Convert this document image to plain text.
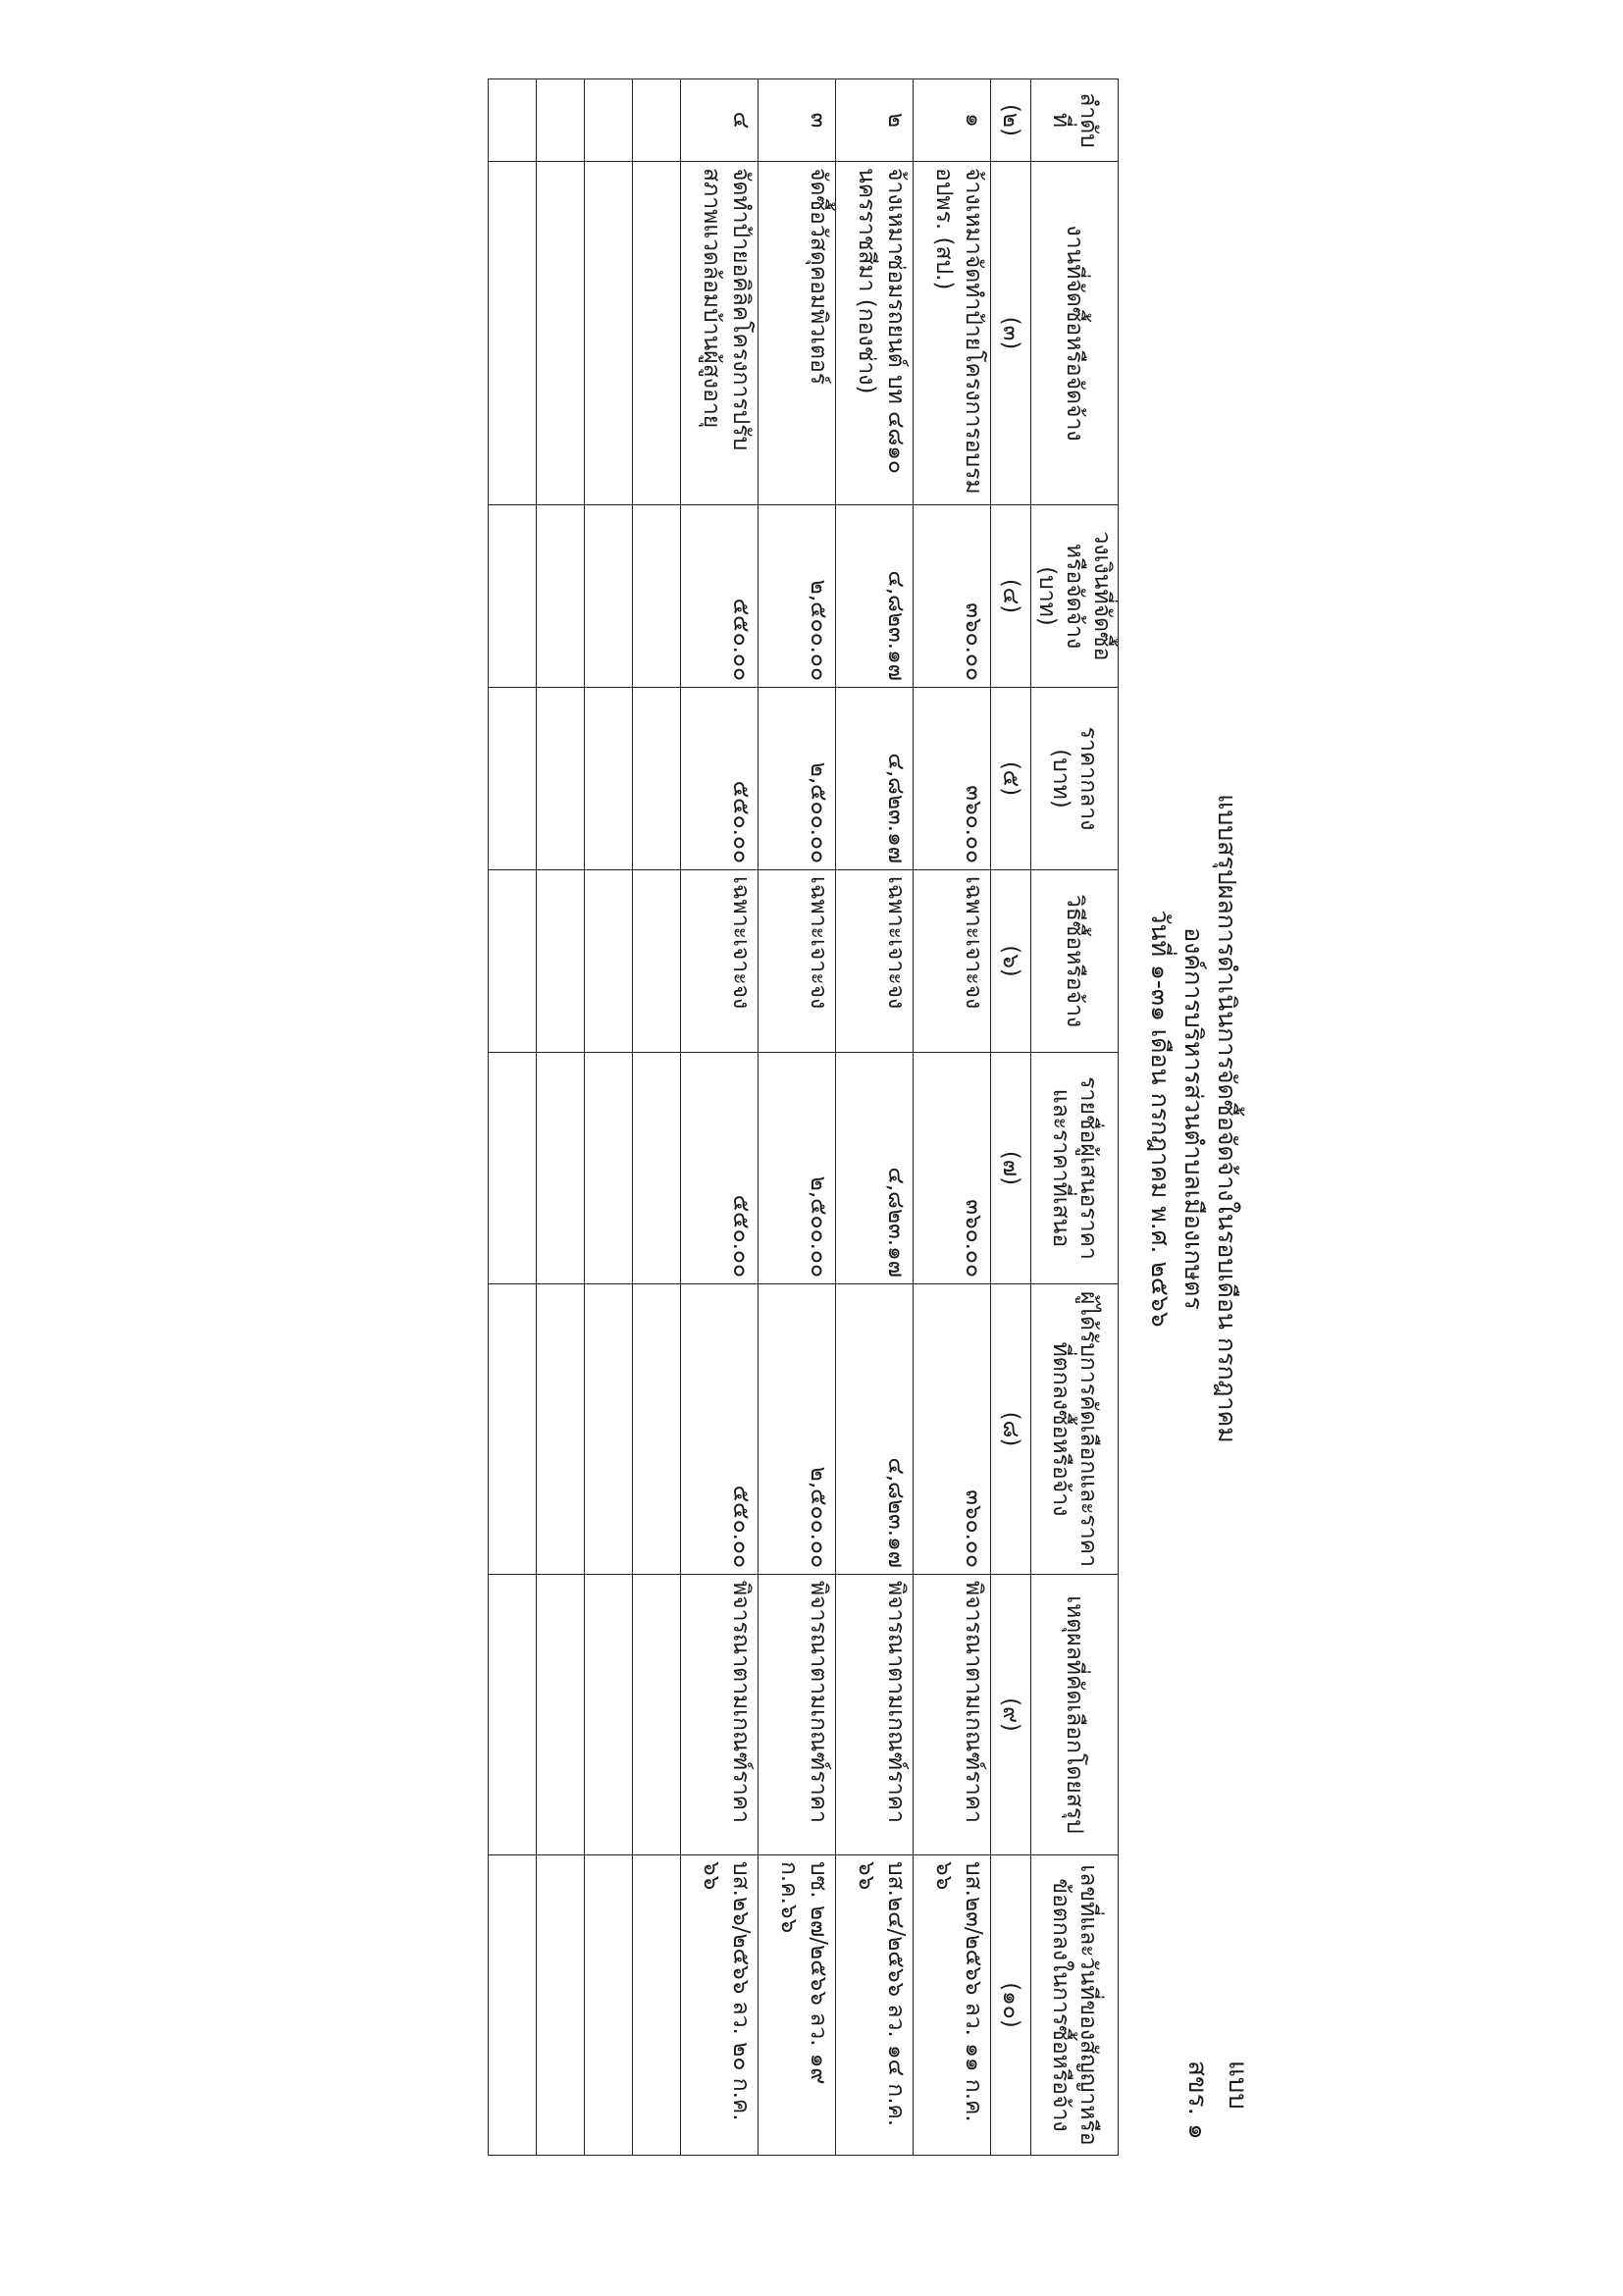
แบบ สขร. ๑
แบบสรุปผลการดำเนินการจัดซื้อจัดจ้างในรอบเดือน กรกฎาคม
องค์การบริหารส่วนตำบลเมืองเกษตร
วันที่ ๑-๓๑ เดือน กรกฎาคม พ.ศ. ๒๕๖๖
ลำดับที่	งานที่จัดซื้อหรือจัดจ้าง	วงเงินที่จัดซื้อหรือจัดจ้าง (บาท)	ราคากลาง (บาท)	วิธีซื้อหรือจ้าง	รายชื่อผู้เสนอราคาและราคาที่เสนอ	ผู้ได้รับการคัดเลือกและราคาที่ตกลงซื้อหรือจ้าง	เหตุผลที่คัดเลือกโดยสรุป	เลขที่และวันที่ของสัญญาหรือข้อตกลงในการซื้อหรือจ้าง
(๒)	(๓)	(๔)	(๕)	(๖)	(๗)	(๘)	(๙)	(๑๐)
๑	จ้างเหมาจัดทำป้ายโครงการอบรม อปพร. (สป.)	๓๖๐.๐๐	๓๖๐.๐๐	เฉพาะเจาะจง	๓๖๐.๐๐	๓๖๐.๐๐	พิจารณาตามเกณฑ์ราคา	บส.๒๓/๒๕๖๖ ลว. ๑๑ ก.ค. ๖๖
๒	จ้างเหมาซ่อมรถยนต์ บท ๔๘๑๐ นครราชสีมา (กองช่าง)	๔,๘๒๓.๑๗	๔,๘๒๓.๑๗	เฉพาะเจาะจง	๔,๘๒๓.๑๗	๔,๘๒๓.๑๗	พิจารณาตามเกณฑ์ราคา	บส.๒๔/๒๕๖๖ ลว. ๑๔ ก.ค. ๖๖
๓	จัดซื้อวัสดุคอมพิวเตอร์	๒,๕๐๐.๐๐	๒,๕๐๐.๐๐	เฉพาะเจาะจง	๒,๕๐๐.๐๐	๒,๕๐๐.๐๐	พิจารณาตามเกณฑ์ราคา	บซ. ๒๗/๒๕๖๖ ลว. ๑๙ ก.ค.๖๖
๔	จัดทำป้ายอคิลิคโครงการปรับสภาพแวดล้อมบ้านผู้สูงอายุ	๕๕๐.๐๐	๕๕๐.๐๐	เฉพาะเจาะจง	๕๕๐.๐๐	๕๕๐.๐๐	พิจารณาตามเกณฑ์ราคา	บส.๒๖/๒๕๖๖ ลว. ๒๐ ก.ค. ๖๖
